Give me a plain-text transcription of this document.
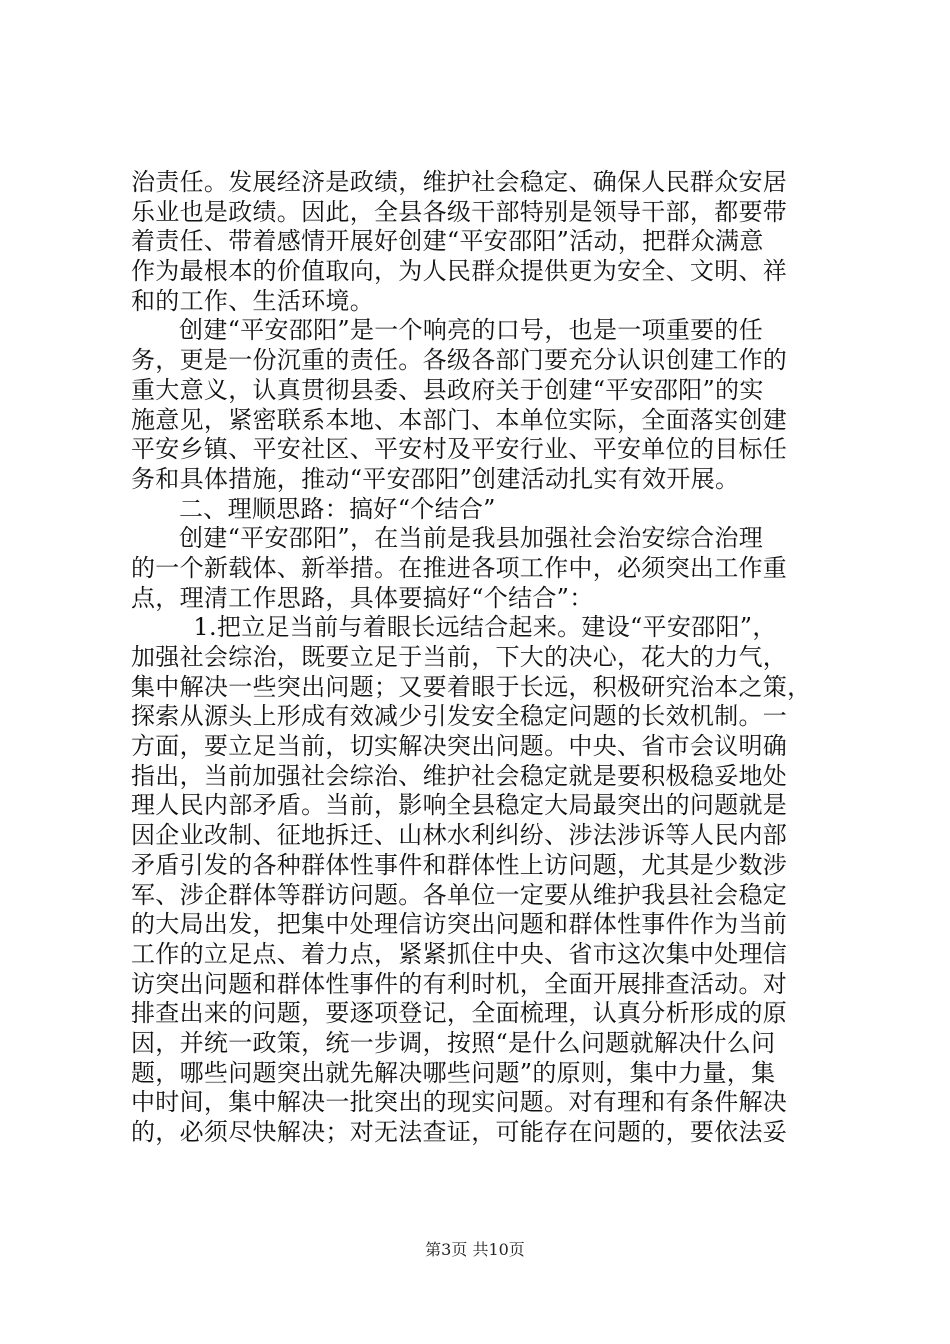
治责任。发展经济是政绩，维护社会稳定、确保人民群众安居
乐业也是政绩。因此，全县各级干部特别是领导干部，都要带
着责任、带着感情开展好创建“平安邵阳”活动，把群众满意
作为最根本的价值取向，为人民群众提供更为安全、文明、祥
和的工作、生活环境。
创建“平安邵阳”是一个响亮的口号，也是一项重要的任
务，更是一份沉重的责任。各级各部门要充分认识创建工作的
重大意义，认真贯彻县委、县政府关于创建“平安邵阳”的实
施意见，紧密联系本地、本部门、本单位实际，全面落实创建
平安乡镇、平安社区、平安村及平安行业、平安单位的目标任
务和具体措施，推动“平安邵阳”创建活动扎实有效开展。
二、理顺思路：搞好“个结合”
创建“平安邵阳”，在当前是我县加强社会治安综合治理
的一个新载体、新举措。在推进各项工作中，必须突出工作重
点，理清工作思路，具体要搞好“个结合”：
1.把立足当前与着眼长远结合起来。建设“平安邵阳”，
加强社会综治，既要立足于当前，下大的决心，花大的力气，
集中解决一些突出问题；又要着眼于长远，积极研究治本之策，
探索从源头上形成有效减少引发安全稳定问题的长效机制。一
方面，要立足当前，切实解决突出问题。中央、省市会议明确
指出，当前加强社会综治、维护社会稳定就是要积极稳妥地处
理人民内部矛盾。当前，影响全县稳定大局最突出的问题就是
因企业改制、征地拆迁、山林水利纠纷、涉法涉诉等人民内部
矛盾引发的各种群体性事件和群体性上访问题，尤其是少数涉
军、涉企群体等群访问题。各单位一定要从维护我县社会稳定
的大局出发，把集中处理信访突出问题和群体性事件作为当前
工作的立足点、着力点，紧紧抓住中央、省市这次集中处理信
访突出问题和群体性事件的有利时机，全面开展排查活动。对
排查出来的问题，要逐项登记，全面梳理，认真分析形成的原
因，并统一政策，统一步调，按照“是什么问题就解决什么问
题，哪些问题突出就先解决哪些问题”的原则，集中力量，集
中时间，集中解决一批突出的现实问题。对有理和有条件解决
的，必须尽快解决；对无法查证，可能存在问题的，要依法妥
第3页 共10页
